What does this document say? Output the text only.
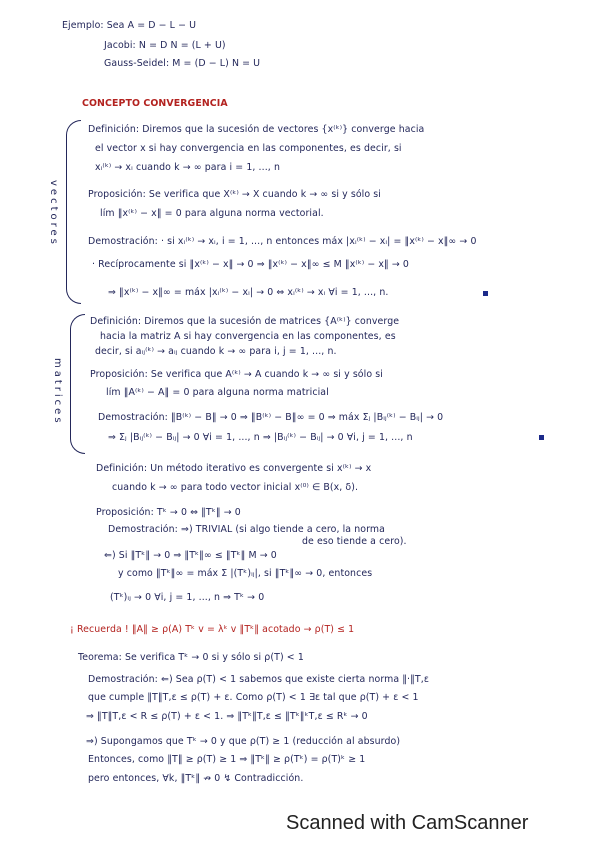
Ejemplo: Sea A = D − L − U
Jacobi: N = D N = (L + U)
Gauss-Seidel: M = (D − L) N = U
CONCEPTO CONVERGENCIA
Definición: Diremos que la sucesión de vectores {x⁽ᵏ⁾} converge hacia
el vector x si hay convergencia en las componentes, es decir, si
xᵢ⁽ᵏ⁾ → xᵢ cuando k → ∞ para i = 1, ..., n
Proposición: Se verifica que X⁽ᵏ⁾ → X cuando k → ∞ si y sólo si
lím ‖x⁽ᵏ⁾ − x‖ = 0 para alguna norma vectorial.
Demostración: · si xᵢ⁽ᵏ⁾ → xᵢ, i = 1, ..., n entonces máx |xᵢ⁽ᵏ⁾ − xᵢ| = ‖x⁽ᵏ⁾ − x‖∞ → 0
· Recíprocamente si ‖x⁽ᵏ⁾ − x‖ → 0 ⇒ ‖x⁽ᵏ⁾ − x‖∞ ≤ M ‖x⁽ᵏ⁾ − x‖ → 0
⇒ ‖x⁽ᵏ⁾ − x‖∞ = máx |xᵢ⁽ᵏ⁾ − xᵢ| → 0 ⇔ xᵢ⁽ᵏ⁾ → xᵢ ∀i = 1, ..., n.
Definición: Diremos que la sucesión de matrices {A⁽ᵏ⁾} converge
hacia la matriz A si hay convergencia en las componentes, es
decir, si aᵢⱼ⁽ᵏ⁾ → aᵢⱼ cuando k → ∞ para i, j = 1, ..., n.
Proposición: Se verifica que A⁽ᵏ⁾ → A cuando k → ∞ si y sólo si
lím ‖A⁽ᵏ⁾ − A‖ = 0 para alguna norma matricial
Demostración: ‖B⁽ᵏ⁾ − B‖ → 0 ⇒ ‖B⁽ᵏ⁾ − B‖∞ = 0 ⇒ máx Σⱼ |Bᵢⱼ⁽ᵏ⁾ − Bᵢⱼ| → 0
⇒ Σⱼ |Bᵢⱼ⁽ᵏ⁾ − Bᵢⱼ| → 0 ∀i = 1, ..., n ⇒ |Bᵢⱼ⁽ᵏ⁾ − Bᵢⱼ| → 0 ∀i, j = 1, ..., n
Definición: Un método iterativo es convergente si x⁽ᵏ⁾ → x
cuando k → ∞ para todo vector inicial x⁽⁰⁾ ∈ B(x, δ).
Proposición: Tᵏ → 0 ⇔ ‖Tᵏ‖ → 0
Demostración: ⇒) TRIVIAL (si algo tiende a cero, la norma
de eso tiende a cero).
⇐) Si ‖Tᵏ‖ → 0 ⇒ ‖Tᵏ‖∞ ≤ ‖Tᵏ‖ M → 0
y como ‖Tᵏ‖∞ = máx Σ |(Tᵏ)ᵢⱼ|, si ‖Tᵏ‖∞ → 0, entonces
(Tᵏ)ᵢⱼ → 0 ∀i, j = 1, ..., n ⇒ Tᵏ → 0
¡ Recuerda ! ‖A‖ ≥ ρ(A) Tᵏ v = λᵏ v ‖Tᵏ‖ acotado → ρ(T) ≤ 1
Teorema: Se verifica Tᵏ → 0 si y sólo si ρ(T) < 1
Demostración: ⇐) Sea ρ(T) < 1 sabemos que existe cierta norma ‖·‖T,ε
que cumple ‖T‖T,ε ≤ ρ(T) + ε. Como ρ(T) < 1 ∃ε tal que ρ(T) + ε < 1
⇒ ‖T‖T,ε < R ≤ ρ(T) + ε < 1. ⇒ ‖Tᵏ‖T,ε ≤ ‖Tᵏ‖ᵏT,ε ≤ Rᵏ → 0
⇒) Supongamos que Tᵏ → 0 y que ρ(T) ≥ 1 (reducción al absurdo)
Entonces, como ‖T‖ ≥ ρ(T) ≥ 1 ⇒ ‖Tᵏ‖ ≥ ρ(Tᵏ) = ρ(T)ᵏ ≥ 1
pero entonces, ∀k, ‖Tᵏ‖ ↛ 0 ↯ Contradicción.
vectores
matrices
Scanned with CamScanner
